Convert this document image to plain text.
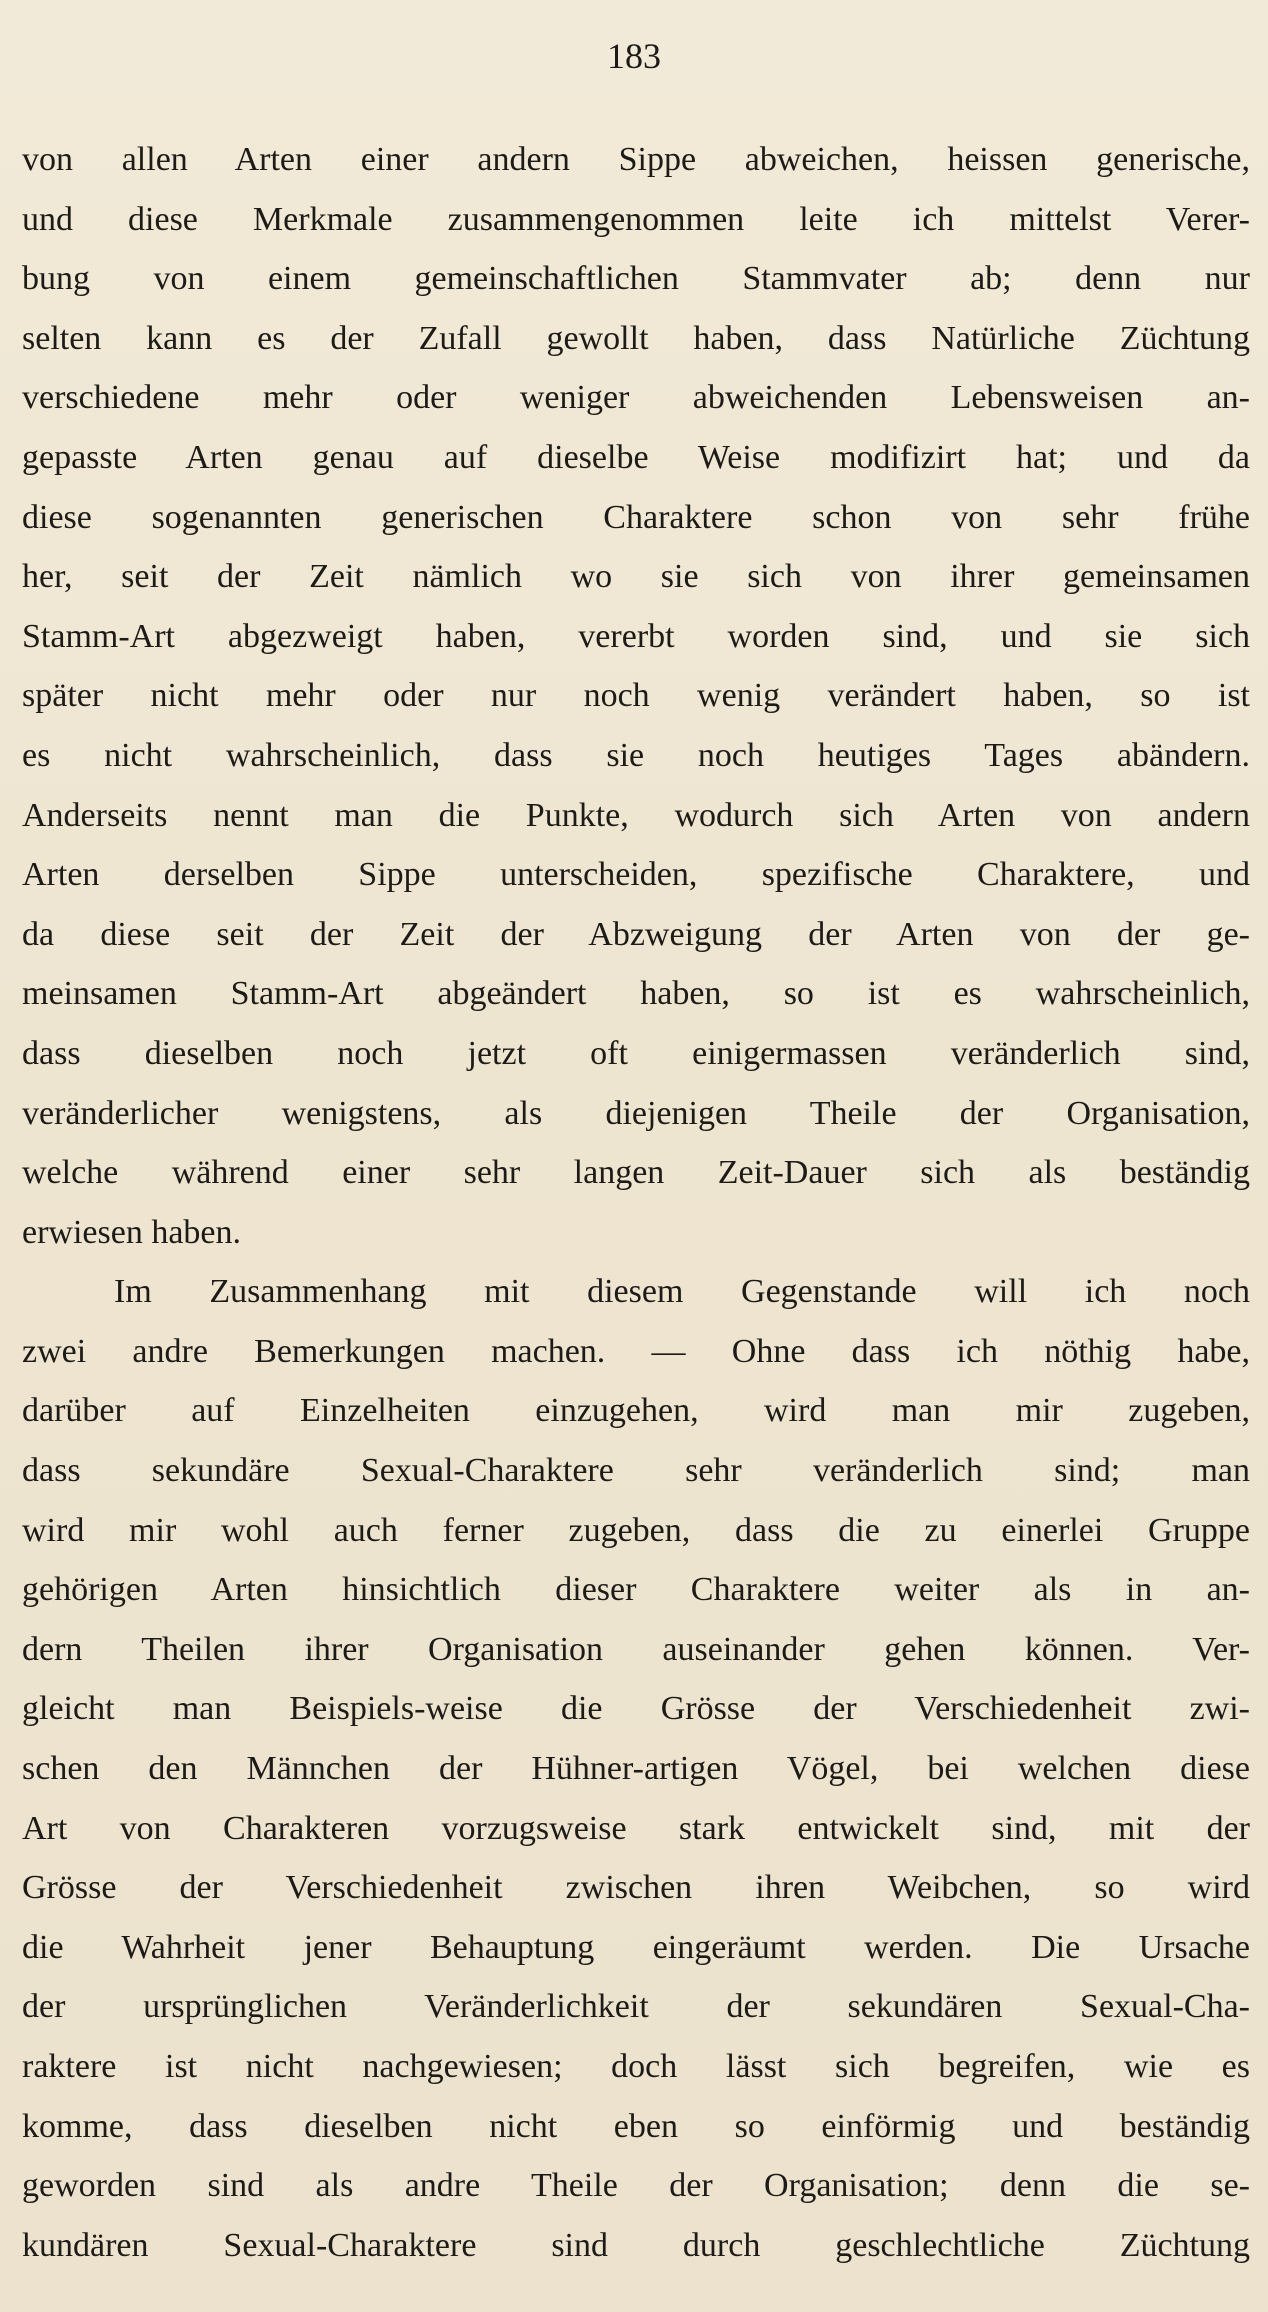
183
von allen Arten einer andern Sippe abweichen, heissen generische,
und diese Merkmale zusammengenommen leite ich mittelst Verer-
bung von einem gemeinschaftlichen Stammvater ab; denn nur
selten kann es der Zufall gewollt haben, dass Natürliche Züchtung
verschiedene mehr oder weniger abweichenden Lebensweisen an-
gepasste Arten genau auf dieselbe Weise modifizirt hat; und da
diese sogenannten generischen Charaktere schon von sehr frühe
her, seit der Zeit nämlich wo sie sich von ihrer gemeinsamen
Stamm-Art abgezweigt haben, vererbt worden sind, und sie sich
später nicht mehr oder nur noch wenig verändert haben, so ist
es nicht wahrscheinlich, dass sie noch heutiges Tages abändern.
Anderseits nennt man die Punkte, wodurch sich Arten von andern
Arten derselben Sippe unterscheiden, spezifische Charaktere, und
da diese seit der Zeit der Abzweigung der Arten von der ge-
meinsamen Stamm-Art abgeändert haben, so ist es wahrscheinlich,
dass dieselben noch jetzt oft einigermassen veränderlich sind,
veränderlicher wenigstens, als diejenigen Theile der Organisation,
welche während einer sehr langen Zeit-Dauer sich als beständig
erwiesen haben.
Im Zusammenhang mit diesem Gegenstande will ich noch
zwei andre Bemerkungen machen. — Ohne dass ich nöthig habe,
darüber auf Einzelheiten einzugehen, wird man mir zugeben,
dass sekundäre Sexual-Charaktere sehr veränderlich sind; man
wird mir wohl auch ferner zugeben, dass die zu einerlei Gruppe
gehörigen Arten hinsichtlich dieser Charaktere weiter als in an-
dern Theilen ihrer Organisation auseinander gehen können. Ver-
gleicht man Beispiels-weise die Grösse der Verschiedenheit zwi-
schen den Männchen der Hühner-artigen Vögel, bei welchen diese
Art von Charakteren vorzugsweise stark entwickelt sind, mit der
Grösse der Verschiedenheit zwischen ihren Weibchen, so wird
die Wahrheit jener Behauptung eingeräumt werden. Die Ursache
der ursprünglichen Veränderlichkeit der sekundären Sexual-Cha-
raktere ist nicht nachgewiesen; doch lässt sich begreifen, wie es
komme, dass dieselben nicht eben so einförmig und beständig
geworden sind als andre Theile der Organisation; denn die se-
kundären Sexual-Charaktere sind durch geschlechtliche Züchtung
